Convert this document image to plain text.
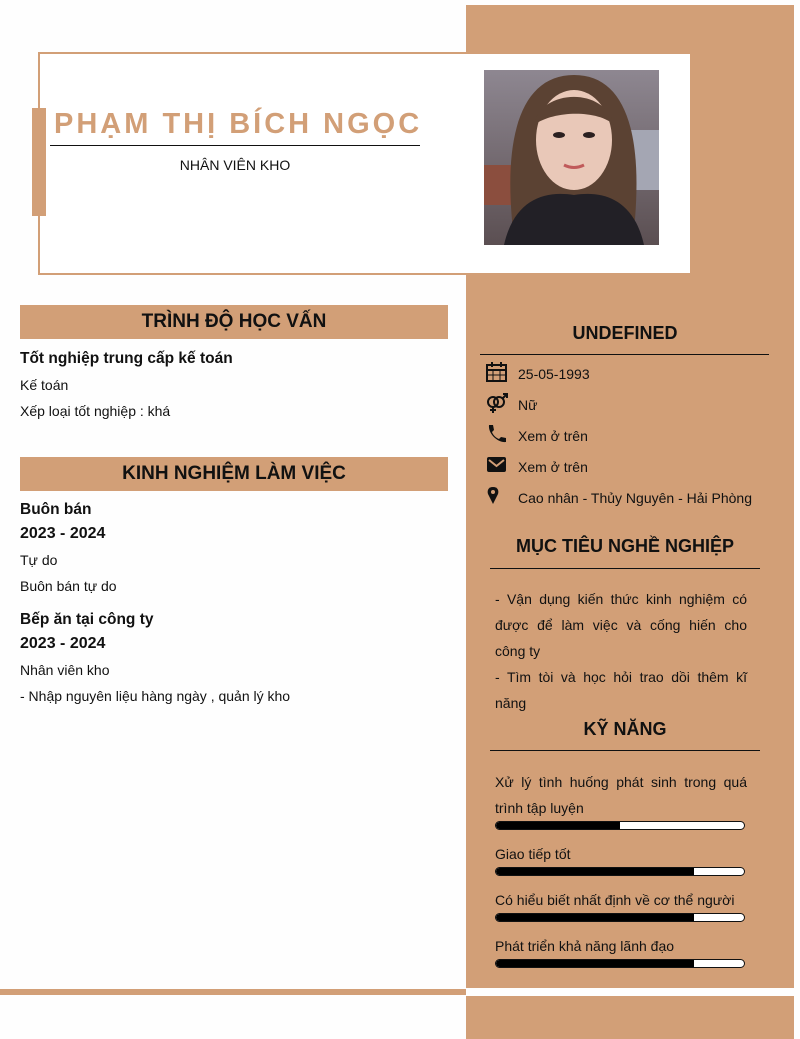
PHẠM THỊ BÍCH NGỌC
NHÂN VIÊN KHO
TRÌNH ĐỘ HỌC VẤN
Tốt nghiệp trung cấp kế toán
Kế toán
Xếp loại tốt nghiệp : khá
KINH NGHIỆM LÀM VIỆC
Buôn bán
2023 - 2024
Tự do
Buôn bán tự do
Bếp ăn tại công ty
2023 - 2024
Nhân viên kho
- Nhập nguyên liệu hàng ngày , quản lý kho
UNDEFINED
25-05-1993
Nữ
Xem ở trên
Xem ở trên
Cao nhân - Thủy Nguyên - Hải Phòng
MỤC TIÊU NGHỀ NGHIỆP
- Vận dụng kiến thức kinh nghiệm có được để làm việc và cống hiến cho công ty
- Tìm tòi và học hỏi trao dồi thêm kĩ năng
KỸ NĂNG
Xử lý tình huống phát sinh trong quá trình tập luyện
Giao tiếp tốt
Có hiểu biết nhất định về cơ thể người
Phát triển khả năng lãnh đạo
